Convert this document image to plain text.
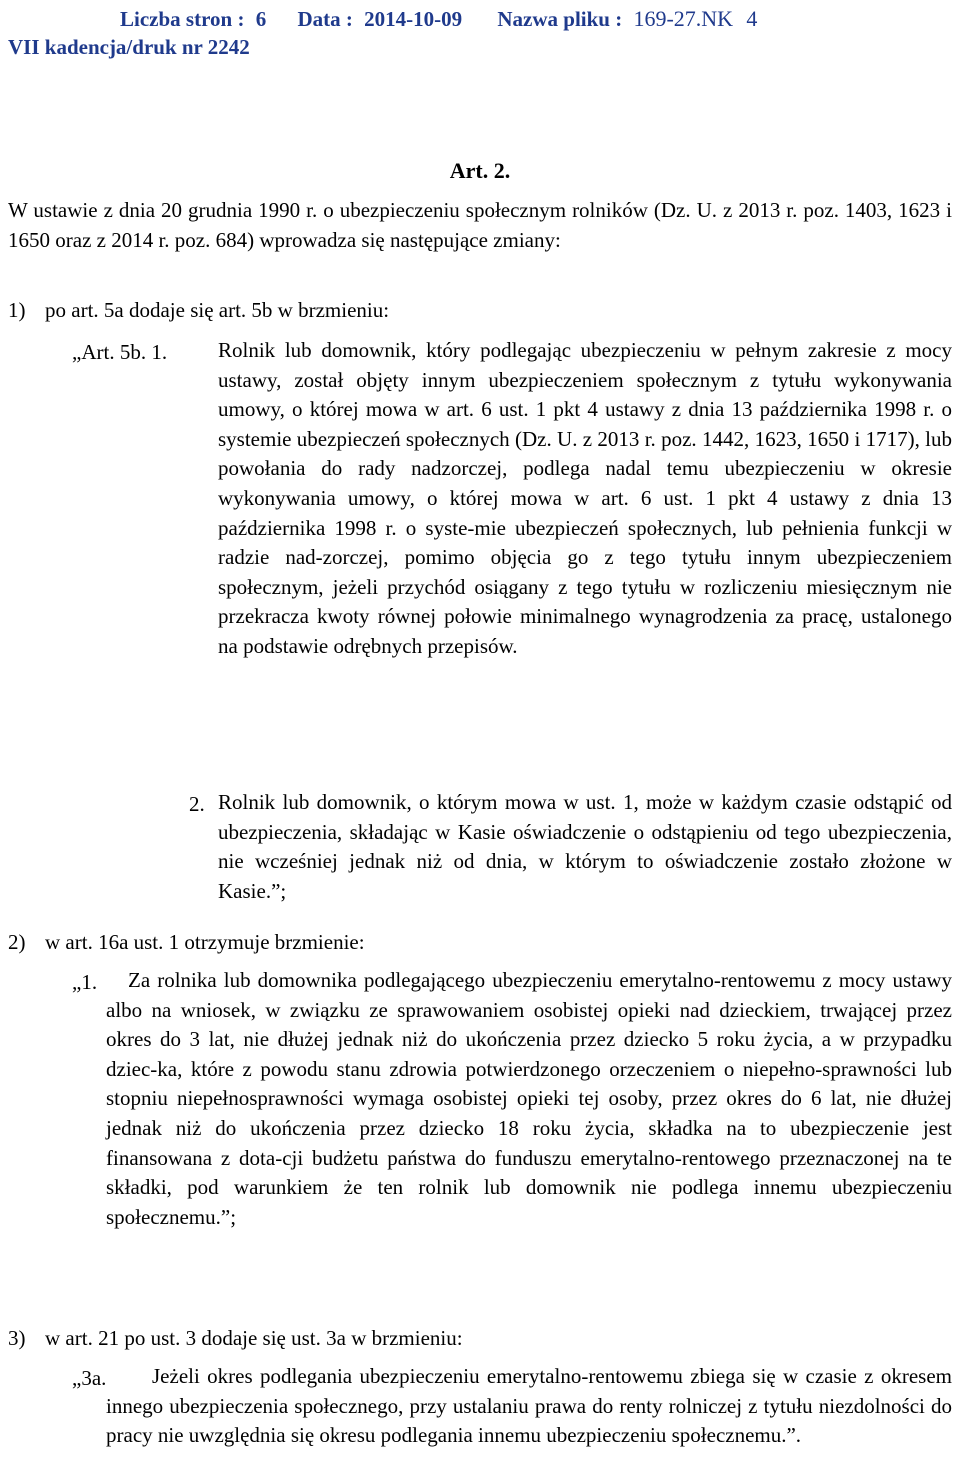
Liczba stron : 6 Data : 2014-10-09 Nazwa pliku : 169-27.NK 4
VII kadencja/druk nr 2242
Art. 2.

W ustawie z dnia 20 grudnia 1990 r. o ubezpieczeniu społecznym rolników (Dz. U. z 2013 r. poz. 1403, 1623 i 1650 oraz z 2014 r. poz. 684) wprowadza się następujące zmiany:

1) po art. 5a dodaje się art. 5b w brzmieniu:
„Art. 5b. 1. Rolnik lub domownik, który podlegając ubezpieczeniu w pełnym zakresie z mocy ustawy, został objęty innym ubezpieczeniem społecznym z tytułu wykonywania umowy, o której mowa w art. 6 ust. 1 pkt 4 ustawy z dnia 13 października 1998 r. o systemie ubezpieczeń społecznych (Dz. U. z 2013 r. poz. 1442, 1623, 1650 i 1717), lub powołania do rady nadzorczej, podlega nadal temu ubezpieczeniu w okresie wykonywania umowy, o której mowa w art. 6 ust. 1 pkt 4 ustawy z dnia 13 października 1998 r. o syste-mie ubezpieczeń społecznych, lub pełnienia funkcji w radzie nad-zorczej, pomimo objęcia go z tego tytułu innym ubezpieczeniem społecznym, jeżeli przychód osiągany z tego tytułu w rozliczeniu miesięcznym nie przekracza kwoty równej połowie minimalnego wynagrodzenia za pracę, ustalonego na podstawie odrębnych przepisów.

2. Rolnik lub domownik, o którym mowa w ust. 1, może w każdym czasie odstąpić od ubezpieczenia, składając w Kasie oświadczenie o odstąpieniu od tego ubezpieczenia, nie wcześniej jednak niż od dnia, w którym to oświadczenie zostało złożone w Kasie.”;

2) w art. 16a ust. 1 otrzymuje brzmienie:
„1.	Za rolnika lub domownika podlegającego ubezpieczeniu emerytalno-rentowemu z mocy ustawy albo na wniosek, w związku ze sprawowaniem osobistej opieki nad dzieckiem, trwającej przez okres do 3 lat, nie dłużej jednak niż do ukończenia przez dziecko 5 roku życia, a w przypadku dziec-ka, które z powodu stanu zdrowia potwierdzonego orzeczeniem o niepełno-sprawności lub stopniu niepełnosprawności wymaga osobistej opieki tej osoby, przez okres do 6 lat, nie dłużej jednak niż do ukończenia przez dziecko 18 roku życia, składka na to ubezpieczenie jest finansowana z dota-cji budżetu państwa do funduszu emerytalno-rentowego przeznaczonej na te składki, pod warunkiem że ten rolnik lub domownik nie podlega innemu ubezpieczeniu społecznemu.”;

3) w art. 21 po ust. 3 dodaje się ust. 3a w brzmieniu:
„3a.	Jeżeli okres podlegania ubezpieczeniu emerytalno-rentowemu zbiega się w czasie z okresem innego ubezpieczenia społecznego, przy ustalaniu prawa do renty rolniczej z tytułu niezdolności do pracy nie uwzględnia się okresu podlegania innemu ubezpieczeniu społecznemu.”.
